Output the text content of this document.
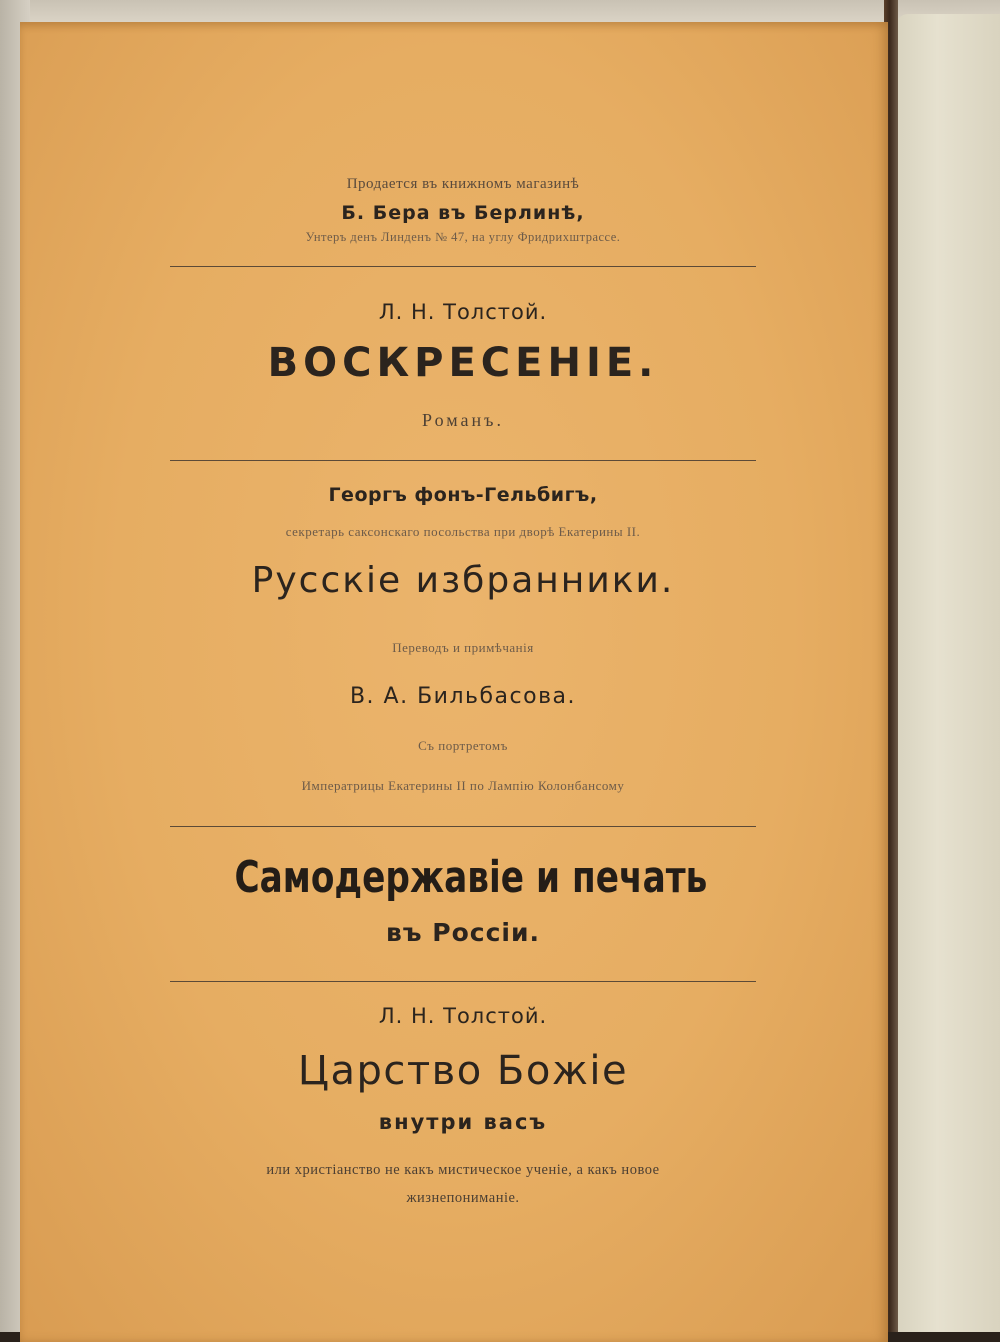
Продается въ книжномъ магазинѣ
Б. Бера въ Берлинѣ,
Унтеръ денъ Линденъ № 47, на углу Фридрихштрассе.
Л. Н. Толстой.
ВОСКРЕСЕНІЕ.
Романъ.
Георгъ фонъ-Гельбигъ,
секретарь саксонскаго посольства при дворѣ Екатерины II.
Русскіе избранники.
Переводъ и примѣчанія
В. А. Бильбасова.
Съ портретомъ
Императрицы Екатерины II по Лампію Колонбансому
Самодержавіе и печать
въ Россіи.
Л. Н. Толстой.
Царство Божіе
внутри васъ
или христіанство не какъ мистическое ученіе, а какъ новое
жизнепониманіе.
